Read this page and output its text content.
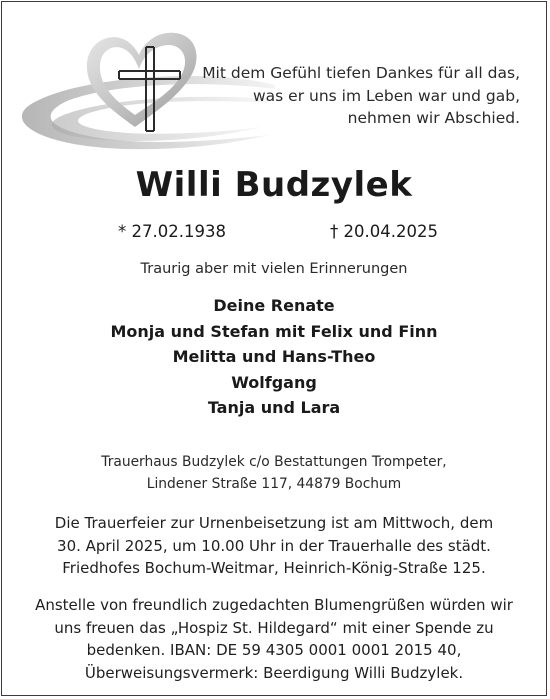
Mit dem Gefühl tiefen Dankes für all das,
was er uns im Leben war und gab,
nehmen wir Abschied.
Willi Budzylek
* 27.02.1938	† 20.04.2025
Traurig aber mit vielen Erinnerungen
Deine Renate
Monja und Stefan mit Felix und Finn
Melitta und Hans-Theo
Wolfgang
Tanja und Lara
Trauerhaus Budzylek c/o Bestattungen Trompeter,
Lindener Straße 117, 44879 Bochum
Die Trauerfeier zur Urnenbeisetzung ist am Mittwoch, dem
30. April 2025, um 10.00 Uhr in der Trauerhalle des städt.
Friedhofes Bochum-Weitmar, Heinrich-König-Straße 125.
Anstelle von freundlich zugedachten Blumengrüßen würden wir
uns freuen das „Hospiz St. Hildegard“ mit einer Spende zu
bedenken. IBAN: DE 59 4305 0001 0001 2015 40,
Überweisungsvermerk: Beerdigung Willi Budzylek.
